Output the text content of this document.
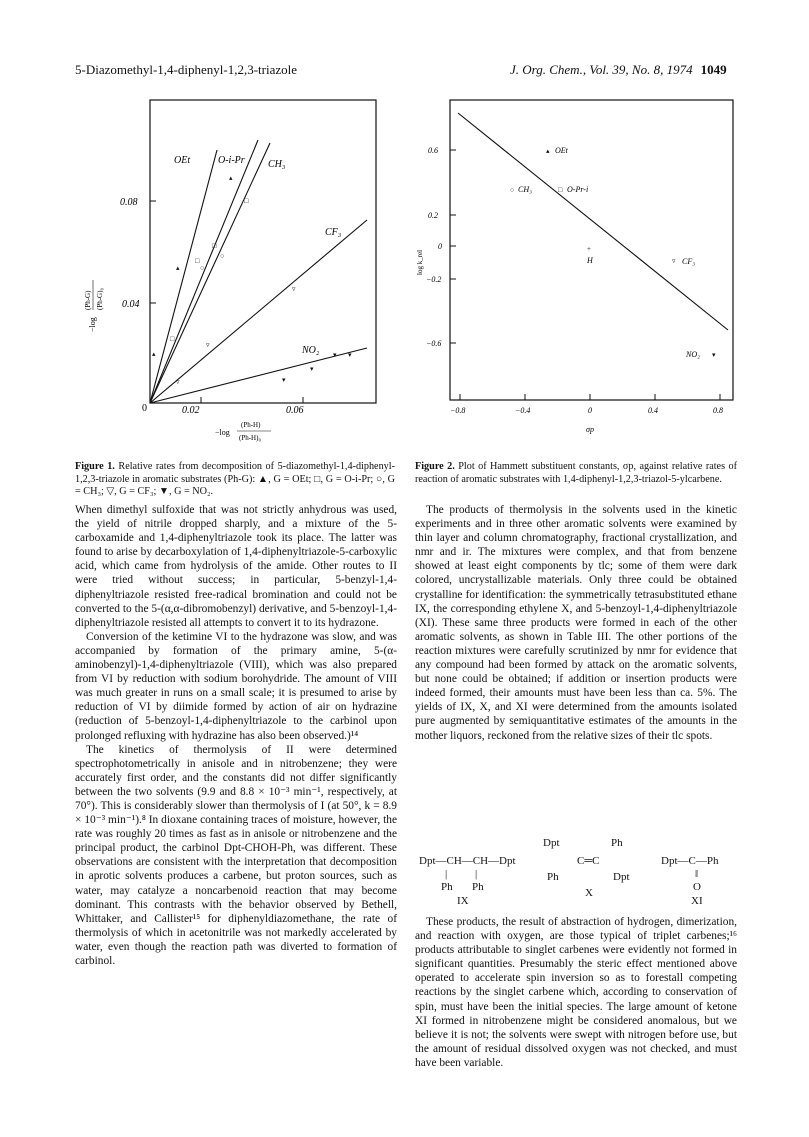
5-Diazomethyl-1,4-diphenyl-1,2,3-triazole	J. Org. Chem., Vol. 39, No. 8, 1974 1049
▴
▴
▴
□
□
□
□
○
○
▿
▿
▿
▾ ▾
▾
▾
OEt	O-i-Pr CH₃
CF₃
NO₂
0.08
0.04
0	0.02	0.06
−log
(Ph-G) (Ph-G)₀
−log
(Ph-H)
(Ph-H)₀
Figure 1. Relative rates from decomposition of 5-diazomethyl-1,4-diphenyl-1,2,3-triazole in aromatic substrates (Ph-G): ▲, G = OEt; □, G = O-i-Pr; ○, G = CH₃; ▽, G = CF₃; ▼, G = NO₂.
▴
○	□
+
▿
▾
OEt
CH₃	O-Pr-i
H	CF₃
NO₂
0.6
0.2
0
−0.2
−0.6
−0.8	−0.4	0	0.4	0.8
log k_rel
σp
Figure 2. Plot of Hammett substituent constants, σp, against relative rates of reaction of aromatic substrates with 1,4-diphenyl-1,2,3-triazol-5-ylcarbene.

When dimethyl sulfoxide that was not strictly anhydrous was used, the yield of nitrile dropped sharply, and a mixture of the 5-carboxamide and 1,4-diphenyltriazole took its place. The latter was found to arise by decarboxylation of 1,4-diphenyltriazole-5-carboxylic acid, which came from hydrolysis of the amide. Other routes to II were tried without success; in particular, 5-benzyl-1,4-diphenyltriazole resisted free-radical bromination and could not be converted to the 5-(α,α-dibromobenzyl) derivative, and 5-benzoyl-1,4-diphenyltriazole resisted all attempts to convert it to its hydrazone.

Conversion of the ketimine VI to the hydrazone was slow, and was accompanied by formation of the primary amine, 5-(α-aminobenzyl)-1,4-diphenyltriazole (VIII), which was also prepared from VI by reduction with sodium borohydride. The amount of VIII was much greater in runs on a small scale; it is presumed to arise by reduction of VI by diimide formed by action of air on hydrazine (reduction of 5-benzoyl-1,4-diphenyltriazole to the carbinol upon prolonged refluxing with hydrazine has also been observed.)¹⁴

The kinetics of thermolysis of II were determined spectrophotometrically in anisole and in nitrobenzene; they were accurately first order, and the constants did not differ significantly between the two solvents (9.9 and 8.8 × 10⁻³ min⁻¹, respectively, at 70°). This is considerably slower than thermolysis of I (at 50°, k = 8.9 × 10⁻³ min⁻¹).⁸ In dioxane containing traces of moisture, however, the rate was roughly 20 times as fast as in anisole or nitrobenzene and the principal product, the carbinol Dpt-CHOH-Ph, was different. These observations are consistent with the interpretation that decomposition in aprotic solvents produces a carbene, but proton sources, such as water, may catalyze a noncarbenoid reaction that may become dominant. This contrasts with the behavior observed by Bethell, Whittaker, and Callister¹⁵ for diphenyldiazomethane, the rate of thermolysis of which in acetonitrile was not markedly accelerated by water, even though the reaction path was diverted to formation of carbinol.

The products of thermolysis in the solvents used in the kinetic experiments and in three other aromatic solvents were examined by thin layer and column chromatography, fractional crystallization, and nmr and ir. The mixtures were complex, and that from benzene showed at least eight components by tlc; some of them were dark colored, uncrystallizable materials. Only three could be obtained crystalline for identification: the symmetrically tetrasubstituted ethane IX, the corresponding ethylene X, and 5-benzoyl-1,4-diphenyltriazole (XI). These same three products were formed in each of the other aromatic solvents, as shown in Table III. The other portions of the reaction mixtures were carefully scrutinized by nmr for evidence that any compound had been formed by attack on the aromatic solvents, but none could be obtained; if addition or insertion products were indeed formed, their amounts must have been less than ca. 5%. The yields of IX, X, and XI were determined from the amounts isolated pure augmented by semiquantitative estimates of the amounts in the mother liquors, reckoned from the relative sizes of their tlc spots.

Dpt—CH—CH—Dpt
|	|
Ph Ph
IX
Dpt	Ph
C═C
Ph	Dpt
X
Dpt—C—Ph
‖
O
XI

These products, the result of abstraction of hydrogen, dimerization, and reaction with oxygen, are those typical of triplet carbenes;¹⁶ products attributable to singlet carbenes were evidently not formed in significant quantities. Presumably the steric effect mentioned above operated to accelerate spin inversion so as to forestall competing reactions by the singlet carbene which, according to conservation of spin, must have been the initial species. The large amount of ketone XI formed in nitrobenzene might be considered anomalous, but we believe it is not; the solvents were swept with nitrogen before use, but the amount of residual dissolved oxygen was not checked, and must have been variable.
